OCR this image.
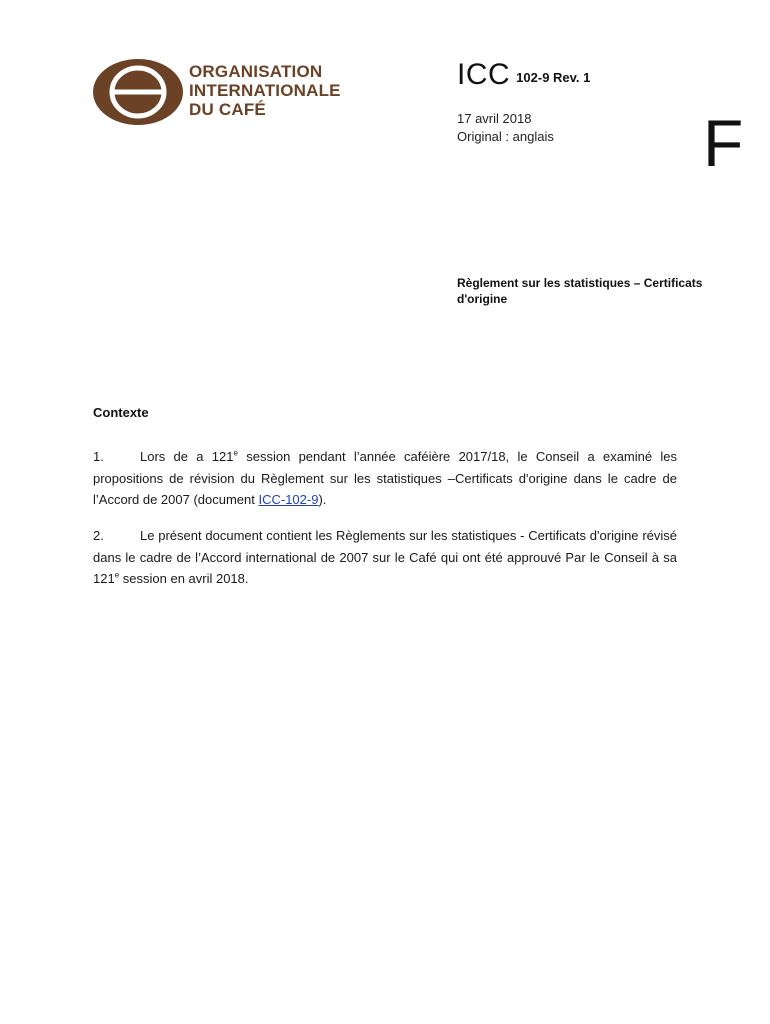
ORGANISATION
INTERNATIONALE
DU CAFÉ
ICC 102-9 Rev. 1
17 avril 2018
Original : anglais F
Règlement sur les statistiques – Certificats d'origine
Contexte
1.	Lors de a 121e session pendant l’année caféière 2017/18, le Conseil a examiné les propositions de révision du Règlement sur les statistiques –Certificats d'origine dans le cadre de l’Accord de 2007 (document ICC-102-9).
2.	Le présent document contient les Règlements sur les statistiques - Certificats d'origine révisé dans le cadre de l’Accord international de 2007 sur le Café qui ont été approuvé Par le Conseil à sa 121e session en avril 2018.
